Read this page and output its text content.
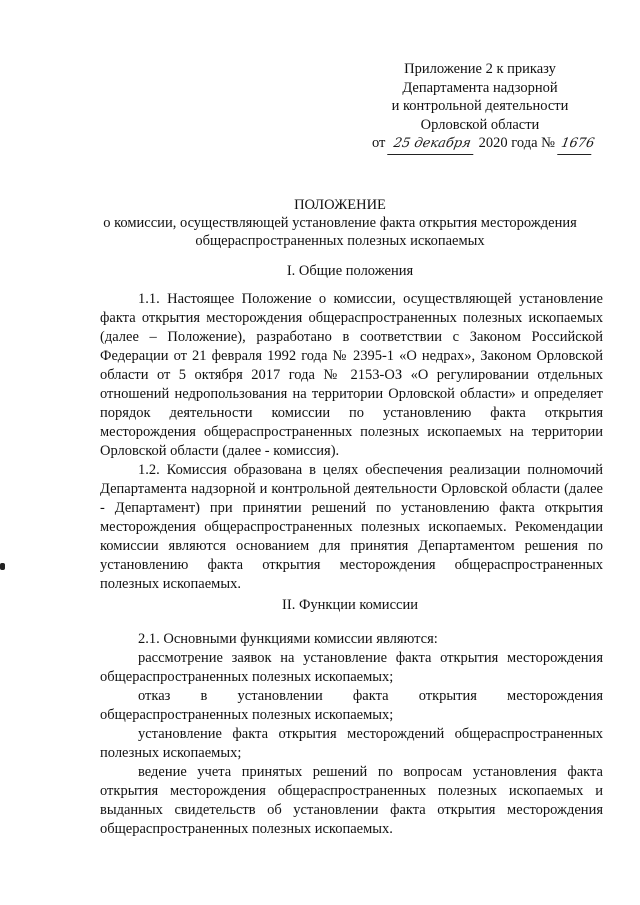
Приложение 2 к приказу
Департамента надзорной
и контрольной деятельности
Орловской области
от 25 декабря 2020 года № 1676
ПОЛОЖЕНИЕ
о комиссии, осуществляющей установление факта открытия месторождения
общераспространенных полезных ископаемых
I. Общие положения

1.1. Настоящее Положение о комиссии, осуществляющей установление факта открытия месторождения общераспространенных полезных ископаемых (далее – Положение), разработано в соответствии с Законом Российской Федерации от 21 февраля 1992 года № 2395-1 «О недрах», Законом Орловской области от 5 октября 2017 года № 2153-ОЗ «О регулировании отдельных отношений недропользования на территории Орловской области» и определяет порядок деятельности комиссии по установлению факта открытия месторождения общераспространенных полезных ископаемых на территории Орловской области (далее - комиссия).

1.2. Комиссия образована в целях обеспечения реализации полномочий Департамента надзорной и контрольной деятельности Орловской области (далее - Департамент) при принятии решений по установлению факта открытия месторождения общераспространенных полезных ископаемых. Рекомендации комиссии являются основанием для принятия Департаментом решения по установлению факта открытия месторождения общераспространенных полезных ископаемых.

II. Функции комиссии

2.1. Основными функциями комиссии являются:

рассмотрение заявок на установление факта открытия месторождения общераспространенных полезных ископаемых;

отказ в установлении факта открытия месторождения общераспространенных полезных ископаемых;

установление факта открытия месторождений общераспространенных полезных ископаемых;

ведение учета принятых решений по вопросам установления факта открытия месторождения общераспространенных полезных ископаемых и выданных свидетельств об установлении факта открытия месторождения общераспространенных полезных ископаемых.
